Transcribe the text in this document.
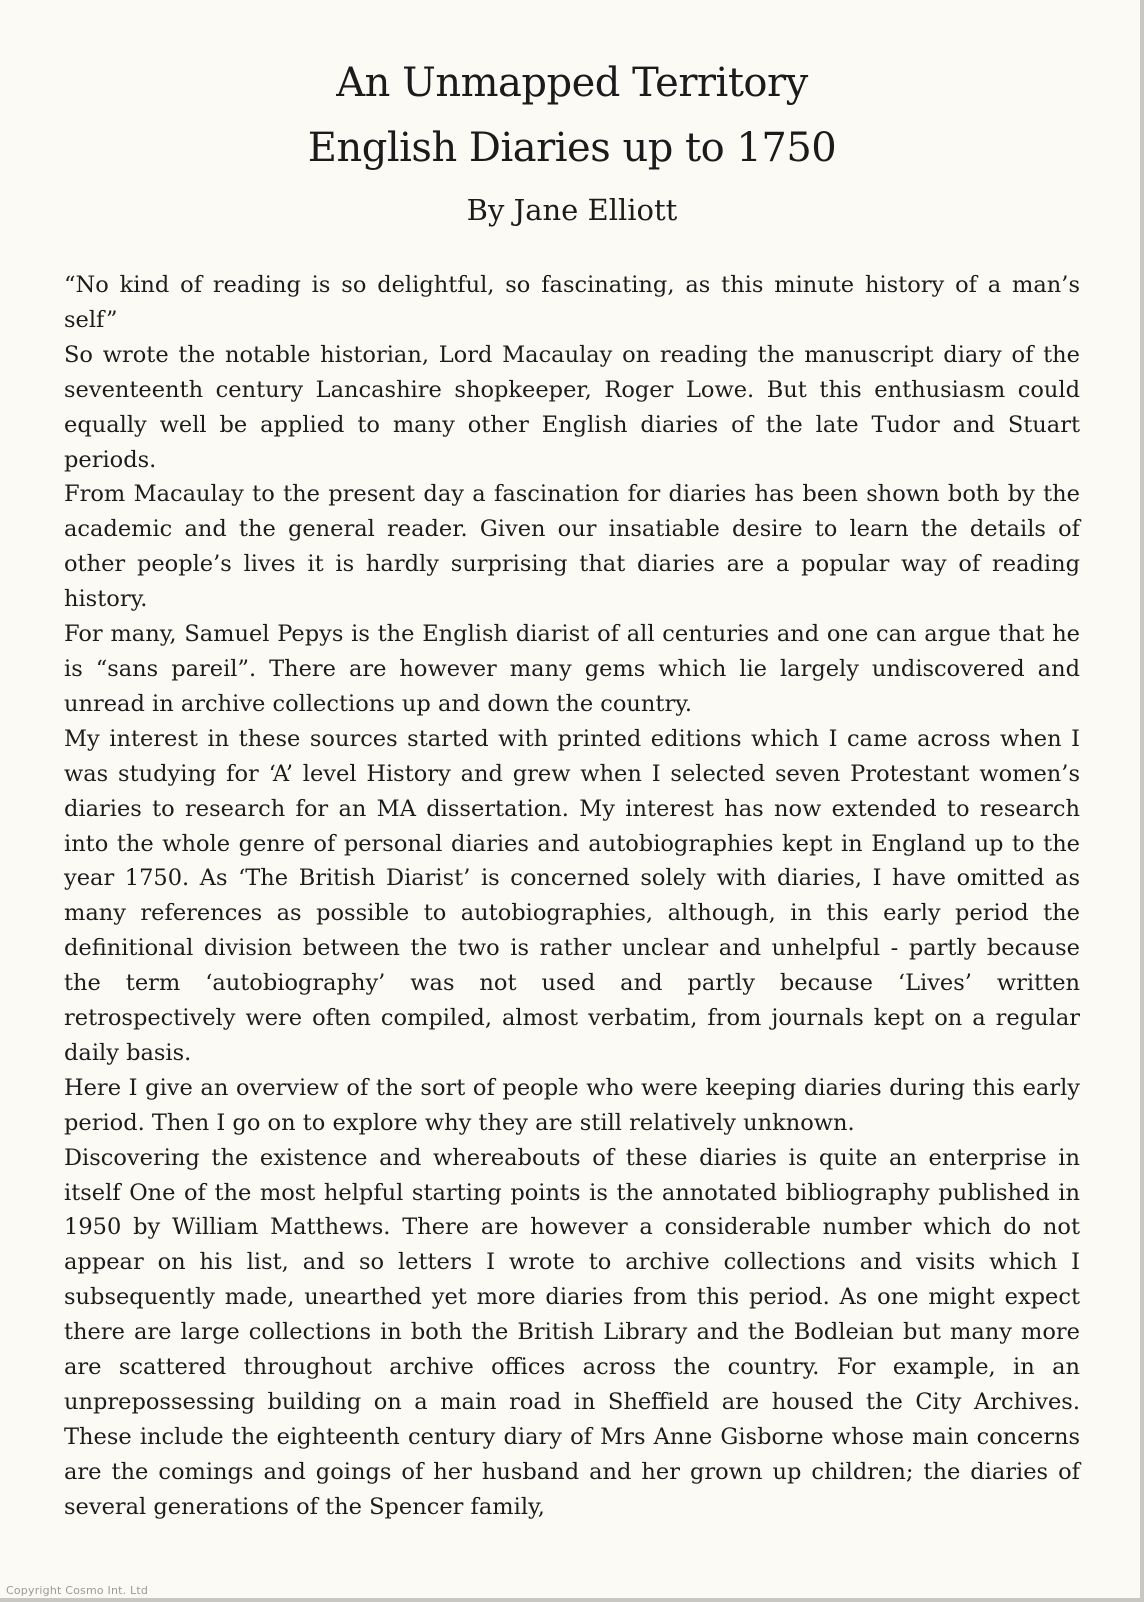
An Unmapped Territory
English Diaries up to 1750
By Jane Elliott

“No kind of reading is so delightful, so fascinating, as this minute history of a man’s self”

So wrote the notable historian, Lord Macaulay on reading the manuscript diary of the seventeenth century Lancashire shopkeeper, Roger Lowe. But this enthusiasm could equally well be applied to many other English diaries of the late Tudor and Stuart periods.

From Macaulay to the present day a fascination for diaries has been shown both by the academic and the general reader. Given our insatiable desire to learn the details of other people’s lives it is hardly surprising that diaries are a popular way of reading history.

For many, Samuel Pepys is the English diarist of all centuries and one can argue that he is “sans pareil”. There are however many gems which lie largely undiscovered and unread in archive collections up and down the country.

My interest in these sources started with printed editions which I came across when I was studying for ‘A’ level History and grew when I selected seven Protestant women’s diaries to research for an MA dissertation. My interest has now extended to research into the whole genre of personal diaries and autobiographies kept in England up to the year 1750. As ‘The British Diarist’ is concerned solely with diaries, I have omitted as many references as possible to autobiographies, although, in this early period the definitional division between the two is rather unclear and unhelpful - partly because the term ‘autobiography’ was not used and partly because ‘Lives’ written retrospectively were often compiled, almost verbatim, from journals kept on a regular daily basis.

Here I give an overview of the sort of people who were keeping diaries during this early period. Then I go on to explore why they are still relatively unknown.

Discovering the existence and whereabouts of these diaries is quite an enterprise in itself One of the most helpful starting points is the annotated bibliography published in 1950 by William Matthews. There are however a considerable number which do not appear on his list, and so letters I wrote to archive collections and visits which I subsequently made, unearthed yet more diaries from this period. As one might expect there are large collections in both the British Library and the Bodleian but many more are scattered throughout archive offices across the country. For example, in an unprepossessing building on a main road in Sheffield are housed the City Archives. These include the eighteenth century diary of Mrs Anne Gisborne whose main concerns are the comings and goings of her husband and her grown up children; the diaries of several generations of the Spencer family,

Copyright Cosmo Int. Ltd
